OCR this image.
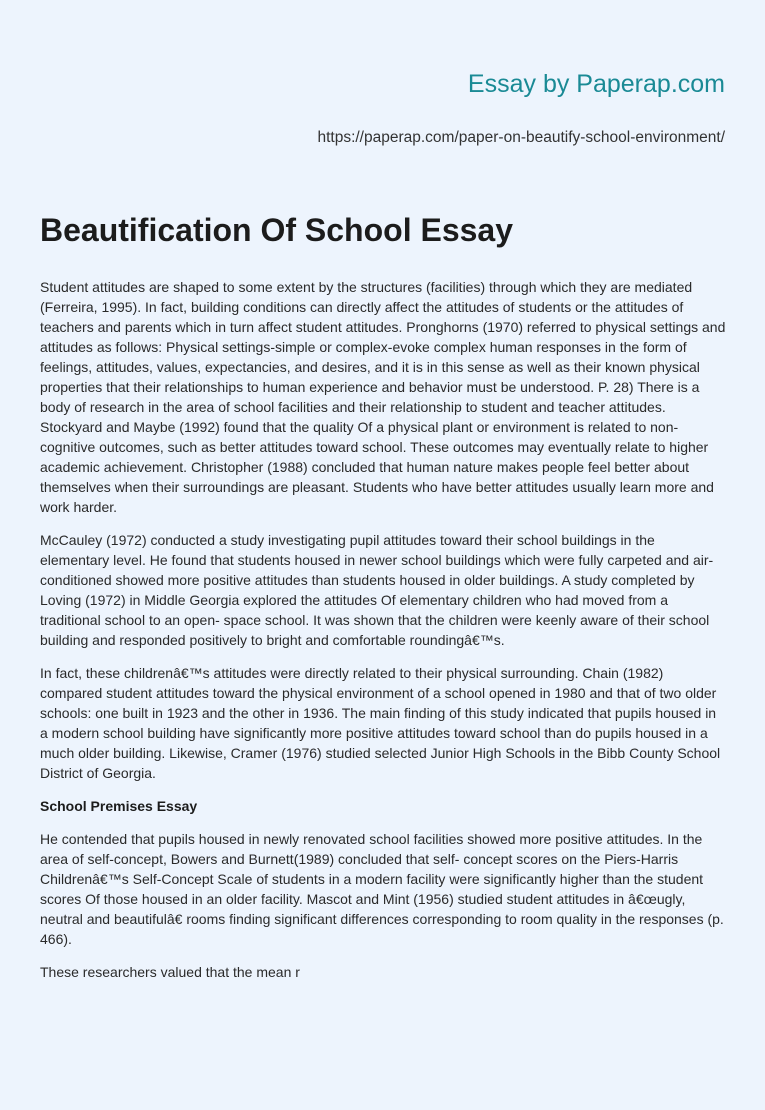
Essay by Paperap.com
https://paperap.com/paper-on-beautify-school-environment/
Beautification Of School Essay

Student attitudes are shaped to some extent by the structures (facilities) through which they are mediated (Ferreira, 1995). In fact, building conditions can directly affect the attitudes of students or the attitudes of teachers and parents which in turn affect student attitudes. Pronghorns (1970) referred to physical settings and attitudes as follows: Physical settings-simple or complex-evoke complex human responses in the form of feelings, attitudes, values, expectancies, and desires, and it is in this sense as well as their known physical properties that their relationships to human experience and behavior must be understood. P. 28) There is a body of research in the area of school facilities and their relationship to student and teacher attitudes. Stockyard and Maybe (1992) found that the quality Of a physical plant or environment is related to non- cognitive outcomes, such as better attitudes toward school. These outcomes may eventually relate to higher academic achievement. Christopher (1988) concluded that human nature makes people feel better about themselves when their surroundings are pleasant. Students who have better attitudes usually learn more and work harder.

McCauley (1972) conducted a study investigating pupil attitudes toward their school buildings in the elementary level. He found that students housed in newer school buildings which were fully carpeted and air-conditioned showed more positive attitudes than students housed in older buildings. A study completed by Loving (1972) in Middle Georgia explored the attitudes Of elementary children who had moved from a traditional school to an open- space school. It was shown that the children were keenly aware of their school building and responded positively to bright and comfortable roundingâ€™s.

In fact, these childrenâ€™s attitudes were directly related to their physical surrounding. Chain (1982) compared student attitudes toward the physical environment of a school opened in 1980 and that of two older schools: one built in 1923 and the other in 1936. The main finding of this study indicated that pupils housed in a modern school building have significantly more positive attitudes toward school than do pupils housed in a much older building. Likewise, Cramer (1976) studied selected Junior High Schools in the Bibb County School District of Georgia.

School Premises Essay

He contended that pupils housed in newly renovated school facilities showed more positive attitudes. In the area of self-concept, Bowers and Burnett(1989) concluded that self- concept scores on the Piers-Harris Childrenâ€™s Self-Concept Scale of students in a modern facility were significantly higher than the student scores Of those housed in an older facility. Mascot and Mint (1956) studied student attitudes in â€œugly, neutral and beautifulâ€ rooms finding significant differences corresponding to room quality in the responses (p. 466).

These researchers valued that the mean r
